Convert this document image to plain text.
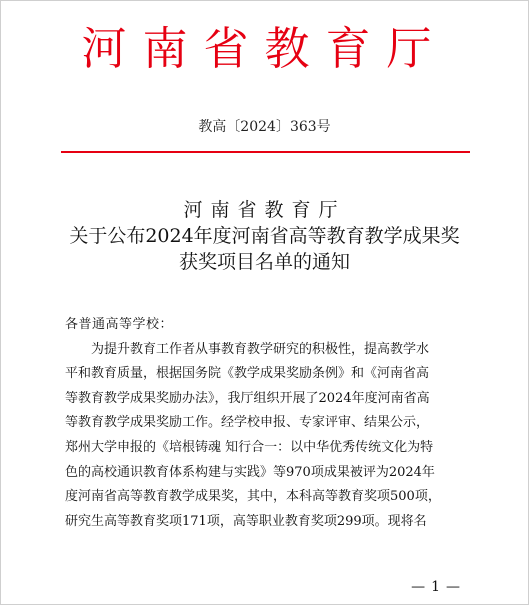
河南省教育厅
教高〔2024〕363号
河南省教育厅
关于公布2024年度河南省高等教育教学成果奖
获奖项目名单的通知

各普通高等学校：

　　为提升教育工作者从事教育教学研究的积极性，提高教学水

平和教育质量，根据国务院《教学成果奖励条例》和《河南省高

等教育教学成果奖励办法》，我厅组织开展了2024年度河南省高

等教育教学成果奖励工作。经学校申报、专家评审、结果公示，

郑州大学申报的《培根铸魂 知行合一：以中华优秀传统文化为特

色的高校通识教育体系构建与实践》等970项成果被评为2024年

度河南省高等教育教学成果奖，其中，本科高等教育奖项500项，

研究生高等教育奖项171项，高等职业教育奖项299项。现将名

—1—
